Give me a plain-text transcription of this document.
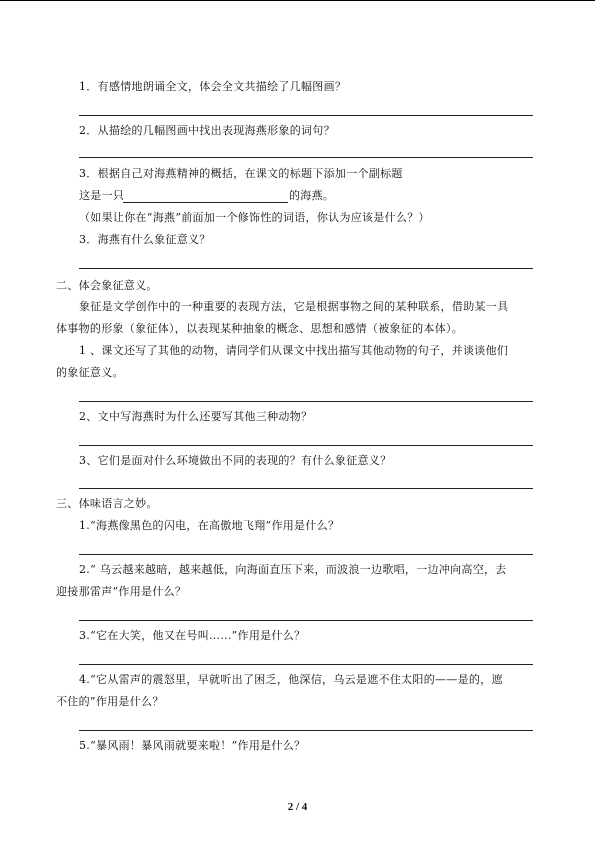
1．有感情地朗诵全文，体会全文共描绘了几幅图画？
2．从描绘的几幅图画中找出表现海燕形象的词句？
3．根据自己对海燕精神的概括，在课文的标题下添加一个副标题
这是一只	的海燕。
（如果让你在“海燕”前面加一个修饰性的词语，你认为应该是什么？）
3．海燕有什么象征意义？
二、体会象征意义。
象征是文学创作中的一种重要的表现方法，它是根据事物之间的某种联系，借助某一具
体事物的形象（象征体），以表现某种抽象的概念、思想和感情（被象征的本体）。
1 、课文还写了其他的动物，请同学们从课文中找出描写其他动物的句子，并谈谈他们
的象征意义。
2、文中写海燕时为什么还要写其他三种动物？
3、它们是面对什么环境做出不同的表现的？有什么象征意义？
三、体味语言之妙。
1.“海燕像黑色的闪电，在高傲地飞翔”作用是什么？
2.“ 乌云越来越暗，越来越低，向海面直压下来，而波浪一边歌唱，一边冲向高空，去
迎接那雷声”作用是什么？
3.“它在大笑，他又在号叫……”作用是什么？
4.“它从雷声的震怒里，早就听出了困乏，他深信，乌云是遮不住太阳的——是的，遮
不住的”作用是什么？
5.“暴风雨！暴风雨就要来啦！”作用是什么？
2 / 4
